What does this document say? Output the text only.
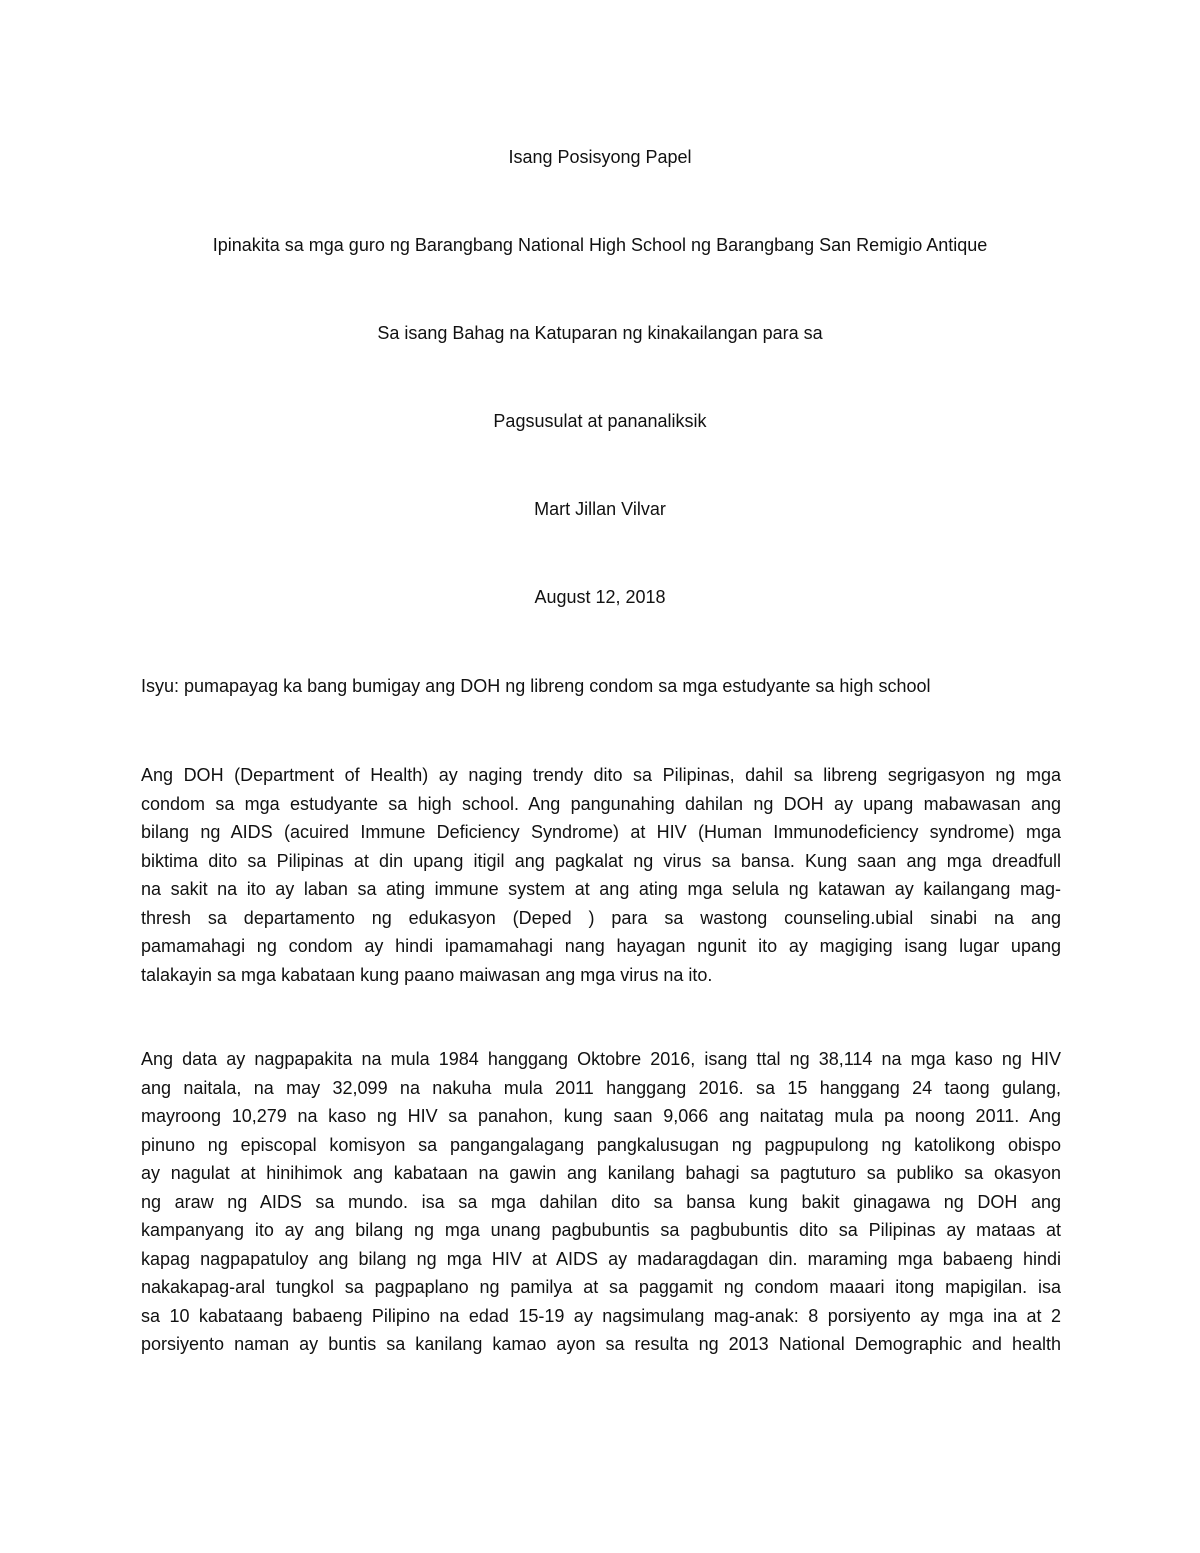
Isang Posisyong Papel
Ipinakita sa mga guro ng Barangbang National High School ng Barangbang San Remigio Antique
Sa isang Bahag na Katuparan ng kinakailangan para sa
Pagsusulat at pananaliksik
Mart Jillan Vilvar
August 12, 2018
Isyu: pumapayag ka bang bumigay ang DOH ng libreng condom sa mga estudyante sa high school
Ang DOH (Department of Health) ay naging trendy dito sa Pilipinas, dahil sa libreng segrigasyon ng mga
condom sa mga estudyante sa high school. Ang pangunahing dahilan ng DOH ay upang mabawasan ang
bilang ng AIDS (acuired Immune Deficiency Syndrome) at HIV (Human Immunodeficiency syndrome) mga
biktima dito sa Pilipinas at din upang itigil ang pagkalat ng virus sa bansa. Kung saan ang mga dreadfull
na sakit na ito ay laban sa ating immune system at ang ating mga selula ng katawan ay kailangang mag-
thresh sa departamento ng edukasyon (Deped ) para sa wastong counseling.ubial sinabi na ang
pamamahagi ng condom ay hindi ipamamahagi nang hayagan ngunit ito ay magiging isang lugar upang
talakayin sa mga kabataan kung paano maiwasan ang mga virus na ito.
Ang data ay nagpapakita na mula 1984 hanggang Oktobre 2016, isang ttal ng 38,114 na mga kaso ng HIV
ang naitala, na may 32,099 na nakuha mula 2011 hanggang 2016. sa 15 hanggang 24 taong gulang,
mayroong 10,279 na kaso ng HIV sa panahon, kung saan 9,066 ang naitatag mula pa noong 2011. Ang
pinuno ng episcopal komisyon sa pangangalagang pangkalusugan ng pagpupulong ng katolikong obispo
ay nagulat at hinihimok ang kabataan na gawin ang kanilang bahagi sa pagtuturo sa publiko sa okasyon
ng araw ng AIDS sa mundo. isa sa mga dahilan dito sa bansa kung bakit ginagawa ng DOH ang
kampanyang ito ay ang bilang ng mga unang pagbubuntis sa pagbubuntis dito sa Pilipinas ay mataas at
kapag nagpapatuloy ang bilang ng mga HIV at AIDS ay madaragdagan din. maraming mga babaeng hindi
nakakapag-aral tungkol sa pagpaplano ng pamilya at sa paggamit ng condom maaari itong mapigilan. isa
sa 10 kabataang babaeng Pilipino na edad 15-19 ay nagsimulang mag-anak: 8 porsiyento ay mga ina at 2
porsiyento naman ay buntis sa kanilang kamao ayon sa resulta ng 2013 National Demographic and health
